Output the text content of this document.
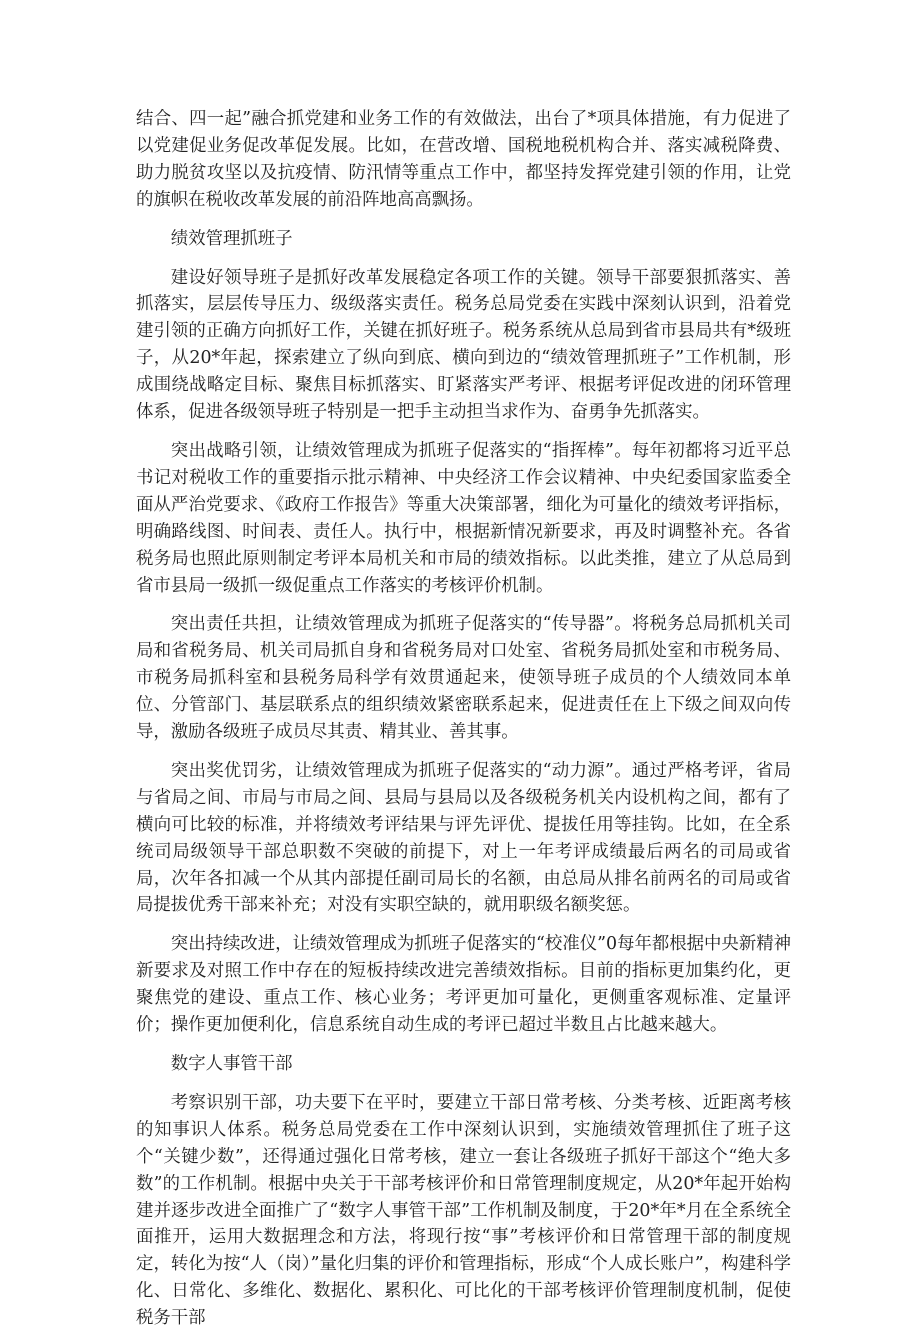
结合、四一起”融合抓党建和业务工作的有效做法，出台了*项具体措施，有力促进了以党建促业务促改革促发展。比如，在营改增、国税地税机构合并、落实减税降费、助力脱贫攻坚以及抗疫情、防汛情等重点工作中，都坚持发挥党建引领的作用，让党的旗帜在税收改革发展的前沿阵地高高飘扬。

绩效管理抓班子

建设好领导班子是抓好改革发展稳定各项工作的关键。领导干部要狠抓落实、善抓落实，层层传导压力、级级落实责任。税务总局党委在实践中深刻认识到，沿着党建引领的正确方向抓好工作，关键在抓好班子。税务系统从总局到省市县局共有*级班子，从20*年起，探索建立了纵向到底、横向到边的“绩效管理抓班子”工作机制，形成围绕战略定目标、聚焦目标抓落实、盯紧落实严考评、根据考评促改进的闭环管理体系，促进各级领导班子特别是一把手主动担当求作为、奋勇争先抓落实。

突出战略引领，让绩效管理成为抓班子促落实的“指挥棒”。每年初都将习近平总书记对税收工作的重要指示批示精神、中央经济工作会议精神、中央纪委国家监委全面从严治党要求、《政府工作报告》等重大决策部署，细化为可量化的绩效考评指标，明确路线图、时间表、责任人。执行中，根据新情况新要求，再及时调整补充。各省税务局也照此原则制定考评本局机关和市局的绩效指标。以此类推，建立了从总局到省市县局一级抓一级促重点工作落实的考核评价机制。

突出责任共担，让绩效管理成为抓班子促落实的“传导器”。将税务总局抓机关司局和省税务局、机关司局抓自身和省税务局对口处室、省税务局抓处室和市税务局、市税务局抓科室和县税务局科学有效贯通起来，使领导班子成员的个人绩效同本单位、分管部门、基层联系点的组织绩效紧密联系起来，促进责任在上下级之间双向传导，激励各级班子成员尽其责、精其业、善其事。

突出奖优罚劣，让绩效管理成为抓班子促落实的“动力源”。通过严格考评，省局与省局之间、市局与市局之间、县局与县局以及各级税务机关内设机构之间，都有了横向可比较的标准，并将绩效考评结果与评先评优、提拔任用等挂钩。比如，在全系统司局级领导干部总职数不突破的前提下，对上一年考评成绩最后两名的司局或省局，次年各扣减一个从其内部提任副司局长的名额，由总局从排名前两名的司局或省局提拔优秀干部来补充；对没有实职空缺的，就用职级名额奖惩。

突出持续改进，让绩效管理成为抓班子促落实的“校准仪”0每年都根据中央新精神新要求及对照工作中存在的短板持续改进完善绩效指标。目前的指标更加集约化，更聚焦党的建设、重点工作、核心业务；考评更加可量化，更侧重客观标准、定量评价；操作更加便利化，信息系统自动生成的考评已超过半数且占比越来越大。

数字人事管干部

考察识别干部，功夫要下在平时，要建立干部日常考核、分类考核、近距离考核的知事识人体系。税务总局党委在工作中深刻认识到，实施绩效管理抓住了班子这个“关键少数”，还得通过强化日常考核，建立一套让各级班子抓好干部这个“绝大多数”的工作机制。根据中央关于干部考核评价和日常管理制度规定，从20*年起开始构建并逐步改进全面推广了“数字人事管干部”工作机制及制度，于20*年*月在全系统全面推开，运用大数据理念和方法，将现行按“事”考核评价和日常管理干部的制度规定，转化为按“人（岗）”量化归集的评价和管理指标，形成“个人成长账户”，构建科学化、日常化、多维化、数据化、累积化、可比化的干部考核评价管理制度机制，促使税务干部
